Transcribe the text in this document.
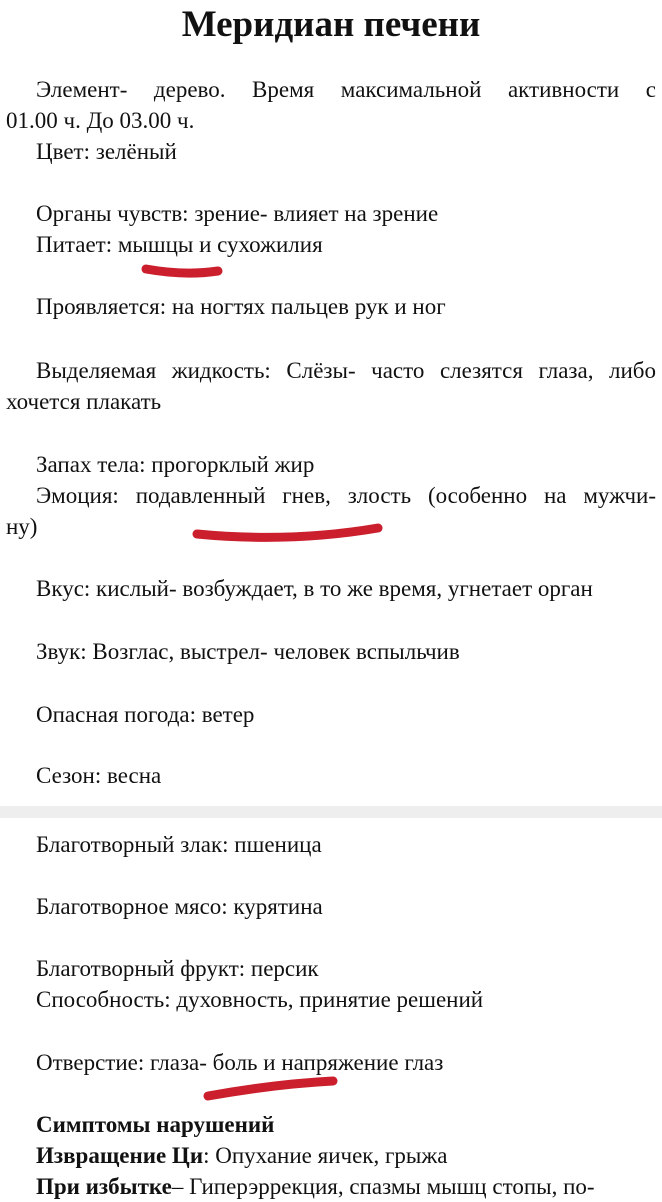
Меридиан печени
Элемент- дерево. Время максимальной активности с
01.00 ч. До 03.00 ч.
Цвет: зелёный
Органы чувств: зрение- влияет на зрение
Питает: мышцы и сухожилия
Проявляется: на ногтях пальцев рук и ног
Выделяемая жидкость: Слёзы- часто слезятся глаза, либо
хочется плакать
Запах тела: прогорклый жир
Эмоция: подавленный гнев, злость (особенно на мужчи-
ну)
Вкус: кислый- возбуждает, в то же время, угнетает орган
Звук: Возглас, выстрел- человек вспыльчив
Опасная погода: ветер
Сезон: весна
Благотворный злак: пшеница
Благотворное мясо: курятина
Благотворный фрукт: персик
Способность: духовность, принятие решений
Отверстие: глаза- боль и напряжение глаз
Симптомы нарушений
Извращение Ци: Опухание яичек, грыжа
При избытке– Гиперэррекция, спазмы мышц стопы, по-
